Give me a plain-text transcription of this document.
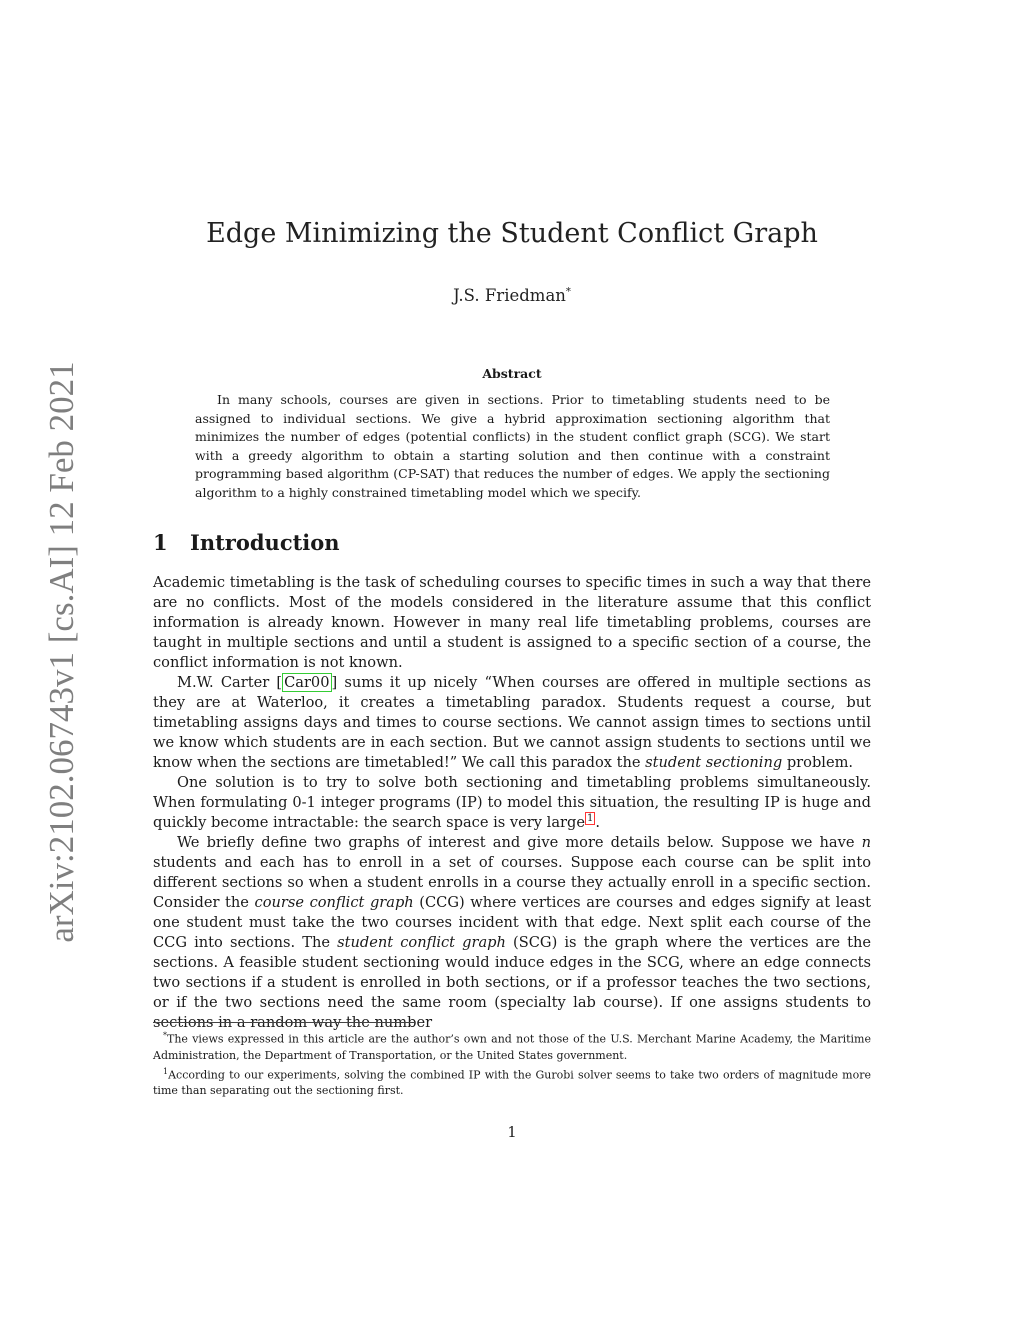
arXiv:2102.06743v1 [cs.AI] 12 Feb 2021
Edge Minimizing the Student Conflict Graph
J.S. Friedman*
Abstract

In many schools, courses are given in sections. Prior to timetabling students need to be assigned to individual sections. We give a hybrid approximation sectioning algorithm that minimizes the number of edges (potential conflicts) in the student conflict graph (SCG). We start with a greedy algorithm to obtain a starting solution and then continue with a constraint programming based algorithm (CP-SAT) that reduces the number of edges. We apply the sectioning algorithm to a highly constrained timetabling model which we specify.

1 Introduction

Academic timetabling is the task of scheduling courses to specific times in such a way that there are no conflicts. Most of the models considered in the literature assume that this conflict information is already known. However in many real life timetabling problems, courses are taught in multiple sections and until a student is assigned to a specific section of a course, the conflict information is not known.

M.W. Carter [ Car00 ] sums it up nicely “When courses are offered in multiple sections as they are at Waterloo, it creates a timetabling paradox. Students request a course, but timetabling assigns days and times to course sections. We cannot assign times to sections until we know which students are in each section. But we cannot assign students to sections until we know when the sections are timetabled!” We call this paradox the student sectioning problem.

One solution is to try to solve both sectioning and timetabling problems simultaneously. When formulating 0-1 integer programs (IP) to model this situation, the resulting IP is huge and quickly become intractable: the search space is very large $^1$ .

We briefly define two graphs of interest and give more details below. Suppose we have n students and each has to enroll in a set of courses. Suppose each course can be split into different sections so when a student enrolls in a course they actually enroll in a specific section. Consider the course conflict graph (CCG) where vertices are courses and edges signify at least one student must take the two courses incident with that edge. Next split each course of the CCG into sections. The student conflict graph (SCG) is the graph where the vertices are the sections. A feasible student sectioning would induce edges in the SCG, where an edge connects two sections if a student is enrolled in both sections, or if a professor teaches the two sections, or if the two sections need the same room (specialty lab course). If one assigns students to sections in a random way the number

*The views expressed in this article are the author’s own and not those of the U.S. Merchant Marine Academy, the Maritime Administration, the Department of Transportation, or the United States government.

$^1$According to our experiments, solving the combined IP with the Gurobi solver seems to take two orders of magnitude more time than separating out the sectioning first.

1
